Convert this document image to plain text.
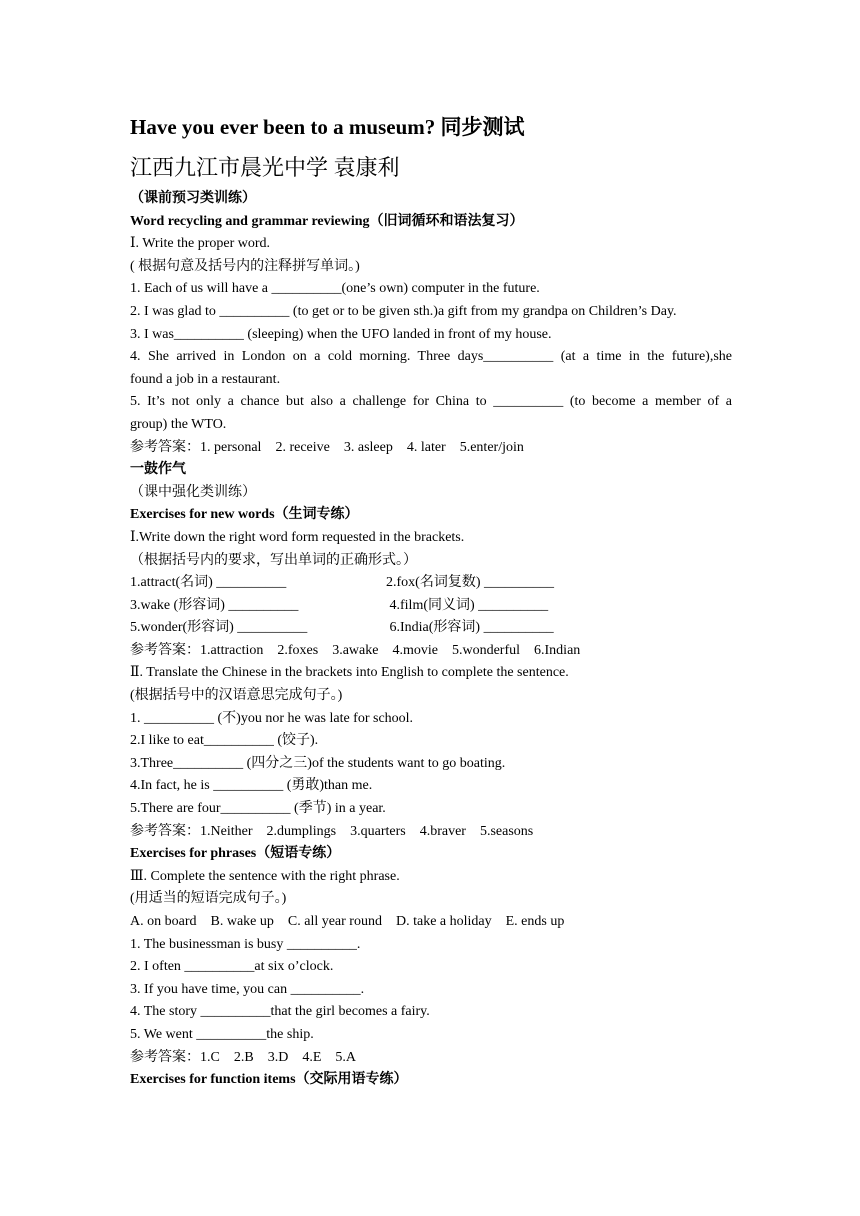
Have you ever been to a museum? 同步测试
江西九江市晨光中学 袁康利
（课前预习类训练）
Word recycling and grammar reviewing（旧词循环和语法复习）
Ⅰ. Write the proper word.
( 根据句意及括号内的注释拼写单词。)
1. Each of us will have a __________(one’s own) computer in the future.
2. I was glad to __________ (to get or to be given sth.)a gift from my grandpa on Children’s Day.
3. I was__________ (sleeping) when the UFO landed in front of my house.
4. She arrived in London on a cold morning. Three days__________ (at a time in the future),she
found a job in a restaurant.
5. It’s not only a chance but also a challenge for China to __________ (to become a member of a
group) the WTO.
参考答案：1. personal 2. receive 3. asleep 4. later 5.enter/join
一鼓作气
（课中强化类训练）
Exercises for new words（生词专练）
Ⅰ.Write down the right word form requested in the brackets.
（根据括号内的要求，写出单词的正确形式。）
1.attract(名词) __________	2.fox(名词复数) __________
3.wake (形容词) __________	4.film(同义词) __________
5.wonder(形容词) __________	6.India(形容词) __________
参考答案：1.attraction 2.foxes 3.awake 4.movie 5.wonderful 6.Indian
Ⅱ. Translate the Chinese in the brackets into English to complete the sentence.
(根据括号中的汉语意思完成句子。)
1. __________ (不)you nor he was late for school.
2.I like to eat__________ (饺子).
3.Three__________ (四分之三)of the students want to go boating.
4.In fact, he is __________ (勇敢)than me.
5.There are four__________ (季节) in a year.
参考答案：1.Neither 2.dumplings 3.quarters 4.braver 5.seasons
Exercises for phrases（短语专练）
Ⅲ. Complete the sentence with the right phrase.
(用适当的短语完成句子。)
A. on board B. wake up C. all year round D. take a holiday E. ends up
1. The businessman is busy __________.
2. I often __________at six o’clock.
3. If you have time, you can __________.
4. The story __________that the girl becomes a fairy.
5. We went __________the ship.
参考答案：1.C 2.B 3.D 4.E 5.A
Exercises for function items（交际用语专练）
